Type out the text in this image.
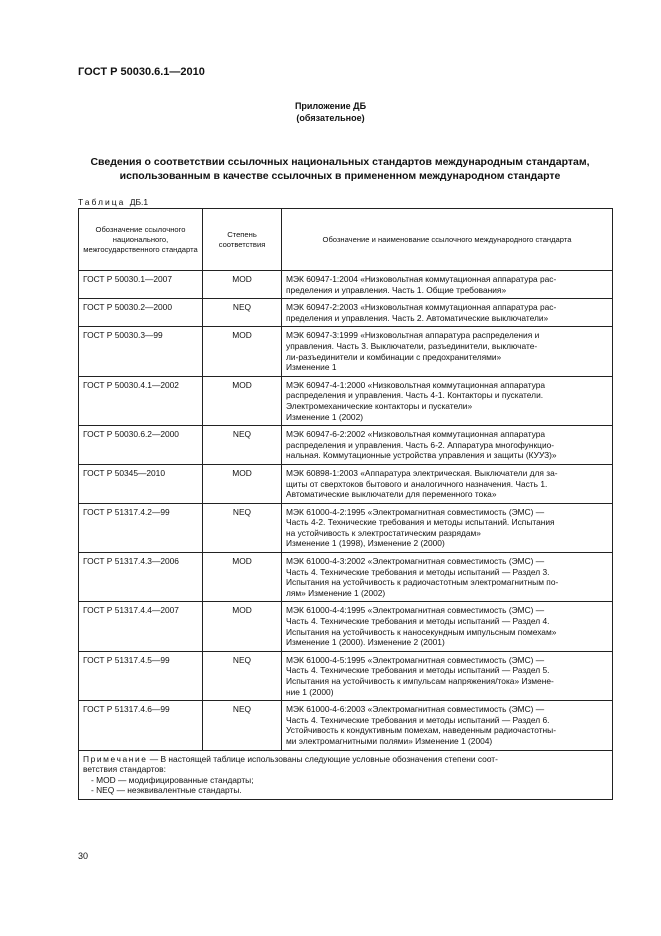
ГОСТ Р 50030.6.1—2010
Приложение ДБ
(обязательное)
Сведения о соответствии ссылочных национальных стандартов международным стандартам,
использованным в качестве ссылочных в примененном международном стандарте
Таблица ДБ.1
Обозначение ссылочного национального, межгосударственного стандарта	Степень соответствия	Обозначение и наименование ссылочного международного стандарта
ГОСТ Р 50030.1—2007	MOD	МЭК 60947-1:2004 «Низковольтная коммутационная аппаратура рас-
пределения и управления. Часть 1. Общие требования»

ГОСТ Р 50030.2—2000	NEQ	МЭК 60947-2:2003 «Низковольтная коммутационная аппаратура рас-
пределения и управления. Часть 2. Автоматические выключатели»

ГОСТ Р 50030.3—99	MOD	МЭК 60947-3:1999 «Низковольтная аппаратура распределения и
управления. Часть 3. Выключатели, разъединители, выключате-
ли-разъединители и комбинации с предохранителями»
Изменение 1

ГОСТ Р 50030.4.1—2002	MOD	МЭК 60947-4-1:2000 «Низковольтная коммутационная аппаратура
распределения и управления. Часть 4-1. Контакторы и пускатели.
Электромеханические контакторы и пускатели»
Изменение 1 (2002)

ГОСТ Р 50030.6.2—2000	NEQ	МЭК 60947-6-2:2002 «Низковольтная коммутационная аппаратура
распределения и управления. Часть 6-2. Аппаратура многофункцио-
нальная. Коммутационные устройства управления и защиты (КУУЗ)»

ГОСТ Р 50345—2010	MOD	МЭК 60898-1:2003 «Аппаратура электрическая. Выключатели для за-
щиты от сверхтоков бытового и аналогичного назначения. Часть 1.
Автоматические выключатели для переменного тока»

ГОСТ Р 51317.4.2—99	NEQ	МЭК 61000-4-2:1995 «Электромагнитная совместимость (ЭМС) —
Часть 4-2. Технические требования и методы испытаний. Испытания
на устойчивость к электростатическим разрядам»
Изменение 1 (1998), Изменение 2 (2000)

ГОСТ Р 51317.4.3—2006	MOD	МЭК 61000-4-3:2002 «Электромагнитная совместимость (ЭМС) —
Часть 4. Технические требования и методы испытаний — Раздел 3.
Испытания на устойчивость к радиочастотным электромагнитным по-
лям» Изменение 1 (2002)

ГОСТ Р 51317.4.4—2007	MOD	МЭК 61000-4-4:1995 «Электромагнитная совместимость (ЭМС) —
Часть 4. Технические требования и методы испытаний — Раздел 4.
Испытания на устойчивость к наносекундным импульсным помехам»
Изменение 1 (2000). Изменение 2 (2001)

ГОСТ Р 51317.4.5—99	NEQ	МЭК 61000-4-5:1995 «Электромагнитная совместимость (ЭМС) —
Часть 4. Технические требования и методы испытаний — Раздел 5.
Испытания на устойчивость к импульсам напряжения/тока» Измене-
ние 1 (2000)

ГОСТ Р 51317.4.6—99	NEQ	МЭК 61000-4-6:2003 «Электромагнитная совместимость (ЭМС) —
Часть 4. Технические требования и методы испытаний — Раздел 6.
Устойчивость к кондуктивным помехам, наведенным радиочастотны-
ми электромагнитными полями» Изменение 1 (2004)

Примечание — В настоящей таблице использованы следующие условные обозначения степени соот-
ветствия стандартов:
- MOD — модифицированные стандарты;
- NEQ — неэквивалентные стандарты.		
30
